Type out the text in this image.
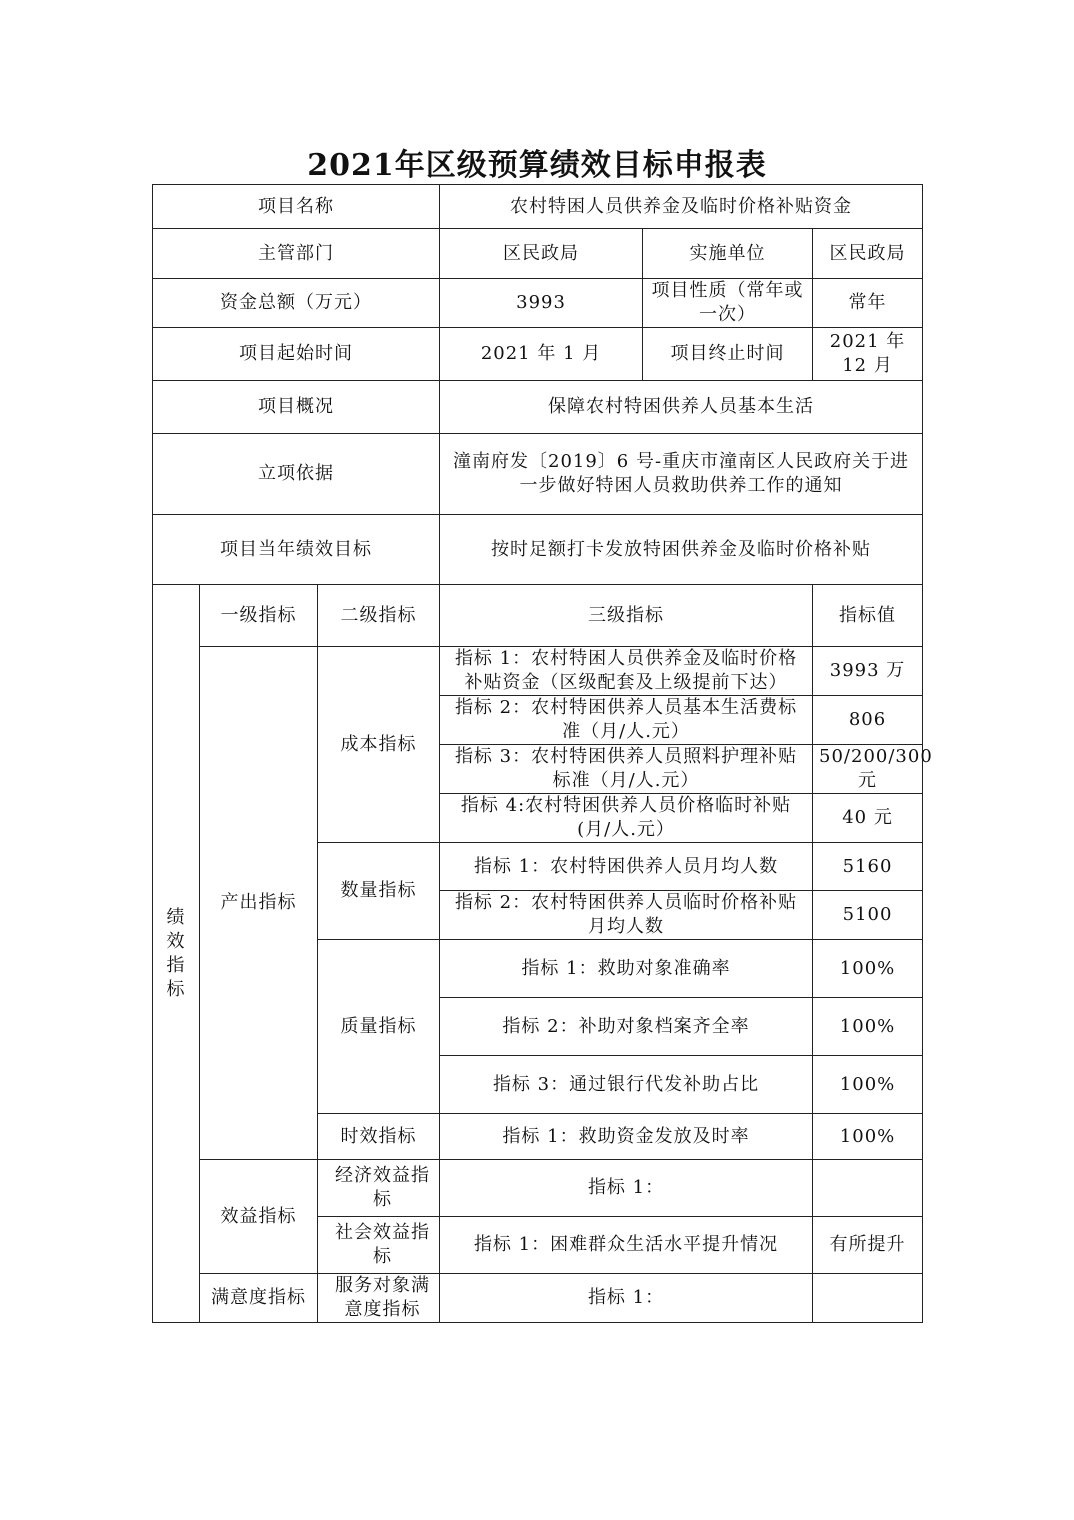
2021年区级预算绩效目标申报表
项目名称			农村特困人员供养金及临时价格补贴资金		
主管部门			区民政局	实施单位	区民政局
资金总额（万元）			3993	项目性质（常年或一次）	常年
项目起始时间			2021 年 1 月	项目终止时间	2021 年 12 月
项目概况			保障农村特困供养人员基本生活		
立项依据			潼南府发〔2019〕6 号-重庆市潼南区人民政府关于进一步做好特困人员救助供养工作的通知		
项目当年绩效目标			按时足额打卡发放特困供养金及临时价格补贴		
绩效指标	一级指标	二级指标	三级指标		指标值
	产出指标	成本指标	指标 1：农村特困人员供养金及临时价格补贴资金（区级配套及上级提前下达）		3993 万
			指标 2：农村特困供养人员基本生活费标准（月/人.元）		806
			指标 3：农村特困供养人员照料护理补贴标准（月/人.元）		50/200/300 元
			指标 4:农村特困供养人员价格临时补贴(月/人.元）		40 元
		数量指标	指标 1：农村特困供养人员月均人数		5160
			指标 2：农村特困供养人员临时价格补贴月均人数		5100
		质量指标	指标 1：救助对象准确率		100%
			指标 2：补助对象档案齐全率		100%
			指标 3：通过银行代发补助占比		100%
		时效指标	指标 1：救助资金发放及时率		100%
	效益指标	经济效益指标	指标 1：		
		社会效益指标	指标 1：困难群众生活水平提升情况		有所提升
	满意度指标	服务对象满意度指标	指标 1：		
